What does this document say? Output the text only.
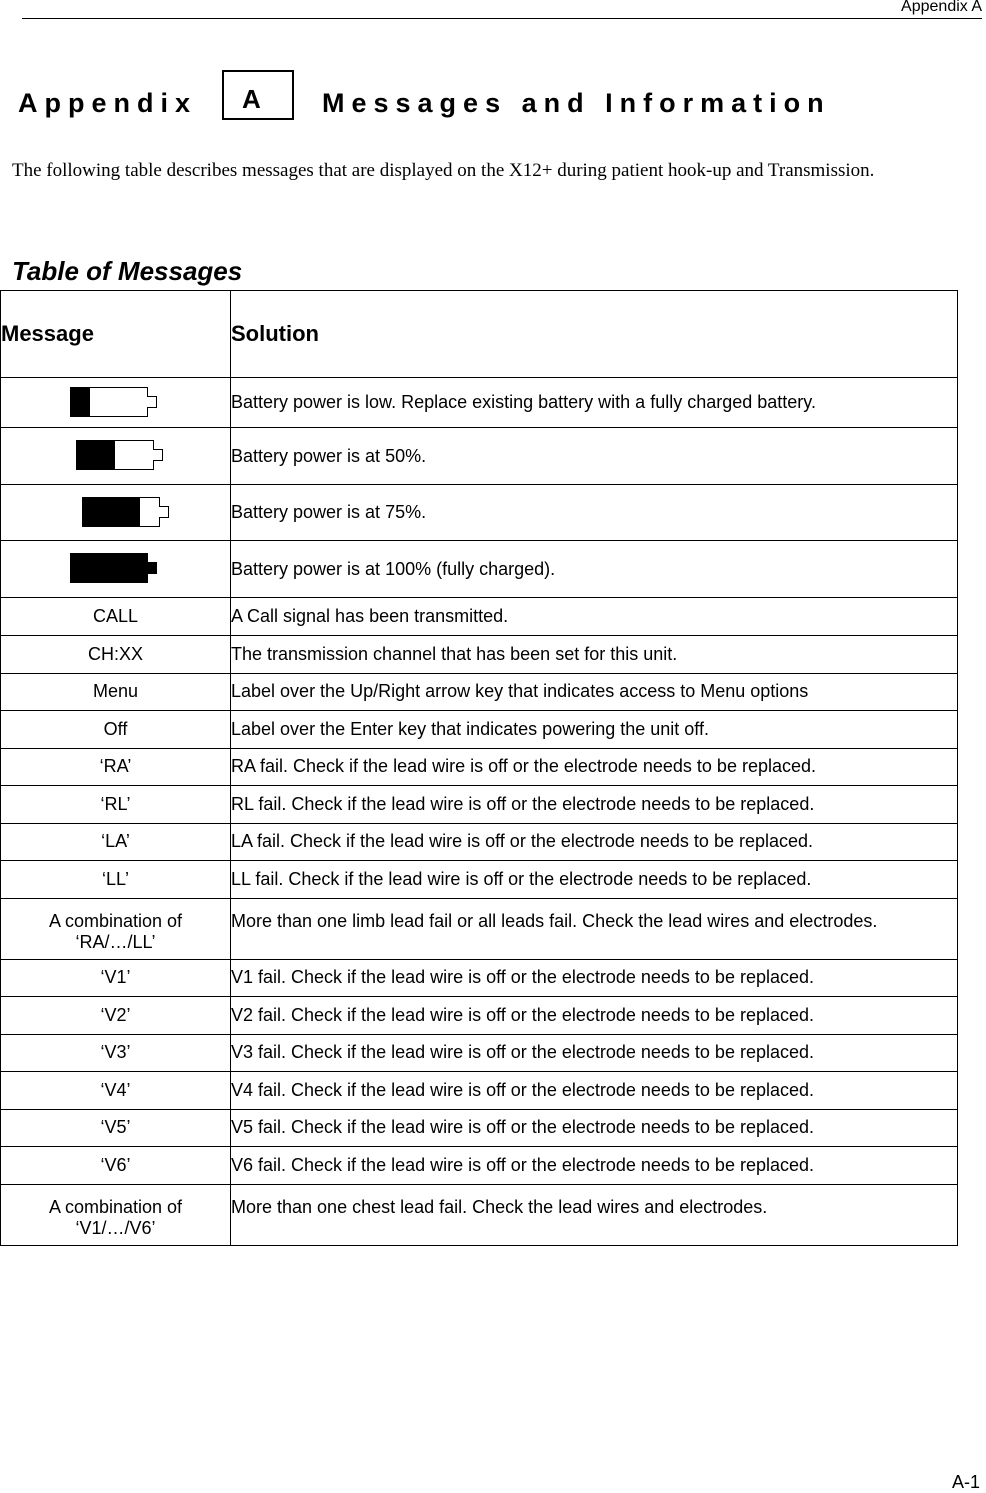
Appendix A
Appendix A Messages and Information
The following table describes messages that are displayed on the X12+ during patient hook-up and Transmission.
Table of Messages
Message	Solution

	Battery power is low. Replace existing battery with a fully charged battery.

	Battery power is at 50%.

	Battery power is at 75%.

	Battery power is at 100% (fully charged).
CALL	A Call signal has been transmitted.
CH:XX	The transmission channel that has been set for this unit.
Menu	Label over the Up/Right arrow key that indicates access to Menu options
Off	Label over the Enter key that indicates powering the unit off.
‘RA’	RA fail. Check if the lead wire is off or the electrode needs to be replaced.
‘RL’	RL fail. Check if the lead wire is off or the electrode needs to be replaced.
‘LA’	LA fail. Check if the lead wire is off or the electrode needs to be replaced.
‘LL’	LL fail. Check if the lead wire is off or the electrode needs to be replaced.
A combination of ‘RA/…/LL’	More than one limb lead fail or all leads fail. Check the lead wires and electrodes.
‘V1’	V1 fail. Check if the lead wire is off or the electrode needs to be replaced.
‘V2’	V2 fail. Check if the lead wire is off or the electrode needs to be replaced.
‘V3’	V3 fail. Check if the lead wire is off or the electrode needs to be replaced.
‘V4’	V4 fail. Check if the lead wire is off or the electrode needs to be replaced.
‘V5’	V5 fail. Check if the lead wire is off or the electrode needs to be replaced.
‘V6’	V6 fail. Check if the lead wire is off or the electrode needs to be replaced.
A combination of ‘V1/…/V6’	More than one chest lead fail. Check the lead wires and electrodes.
A-1
